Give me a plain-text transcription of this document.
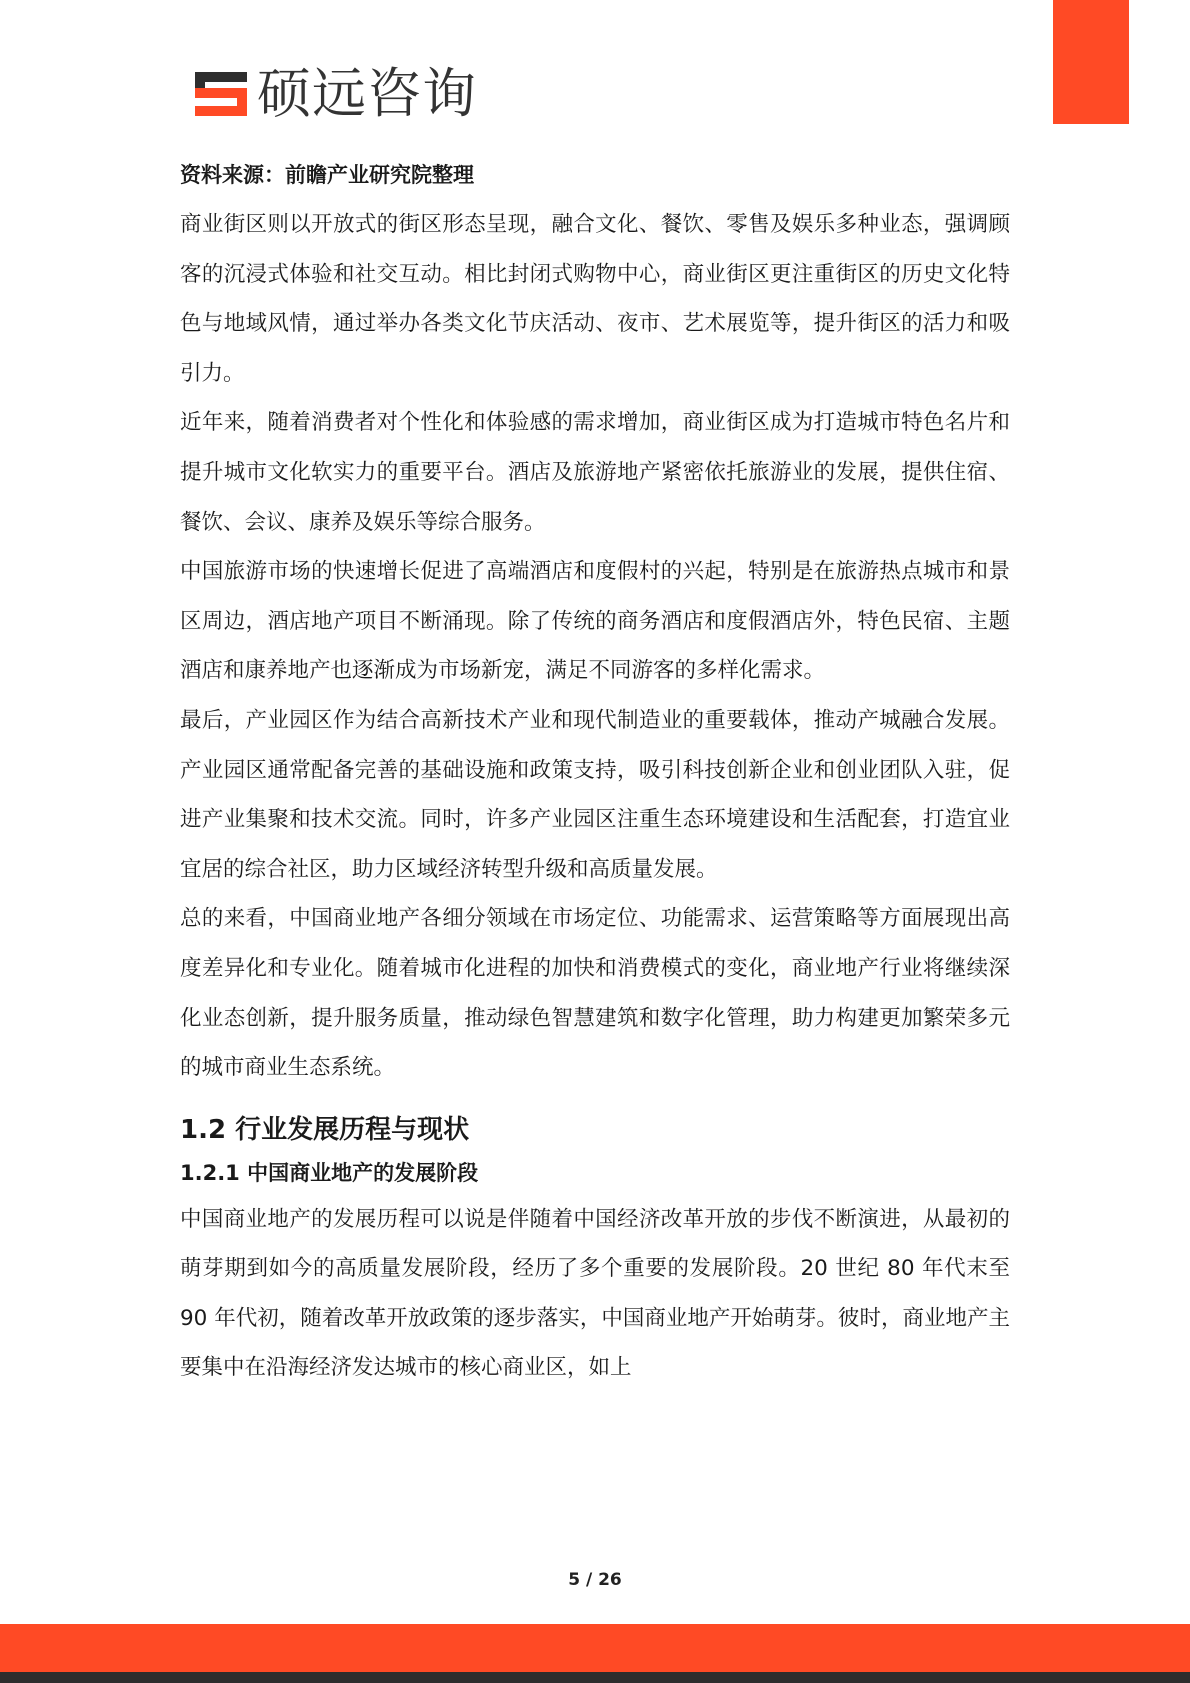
硕远咨询
资料来源：前瞻产业研究院整理

商业街区则以开放式的街区形态呈现，融合文化、餐饮、零售及娱乐多种业态，强调顾客的沉浸式体验和社交互动。相比封闭式购物中心，商业街区更注重街区的历史文化特色与地域风情，通过举办各类文化节庆活动、夜市、艺术展览等，提升街区的活力和吸引力。

近年来，随着消费者对个性化和体验感的需求增加，商业街区成为打造城市特色名片和提升城市文化软实力的重要平台。酒店及旅游地产紧密依托旅游业的发展，提供住宿、餐饮、会议、康养及娱乐等综合服务。

中国旅游市场的快速增长促进了高端酒店和度假村的兴起，特别是在旅游热点城市和景区周边，酒店地产项目不断涌现。除了传统的商务酒店和度假酒店外，特色民宿、主题酒店和康养地产也逐渐成为市场新宠，满足不同游客的多样化需求。

最后，产业园区作为结合高新技术产业和现代制造业的重要载体，推动产城融合发展。产业园区通常配备完善的基础设施和政策支持，吸引科技创新企业和创业团队入驻，促进产业集聚和技术交流。同时，许多产业园区注重生态环境建设和生活配套，打造宜业宜居的综合社区，助力区域经济转型升级和高质量发展。

总的来看，中国商业地产各细分领域在市场定位、功能需求、运营策略等方面展现出高度差异化和专业化。随着城市化进程的加快和消费模式的变化，商业地产行业将继续深化业态创新，提升服务质量，推动绿色智慧建筑和数字化管理，助力构建更加繁荣多元的城市商业生态系统。

1.2 行业发展历程与现状
1.2.1 中国商业地产的发展阶段

中国商业地产的发展历程可以说是伴随着中国经济改革开放的步伐不断演进，从最初的萌芽期到如今的高质量发展阶段，经历了多个重要的发展阶段。20 世纪 80 年代末至 90 年代初，随着改革开放政策的逐步落实，中国商业地产开始萌芽。彼时，商业地产主要集中在沿海经济发达城市的核心商业区，如上

5 / 26
